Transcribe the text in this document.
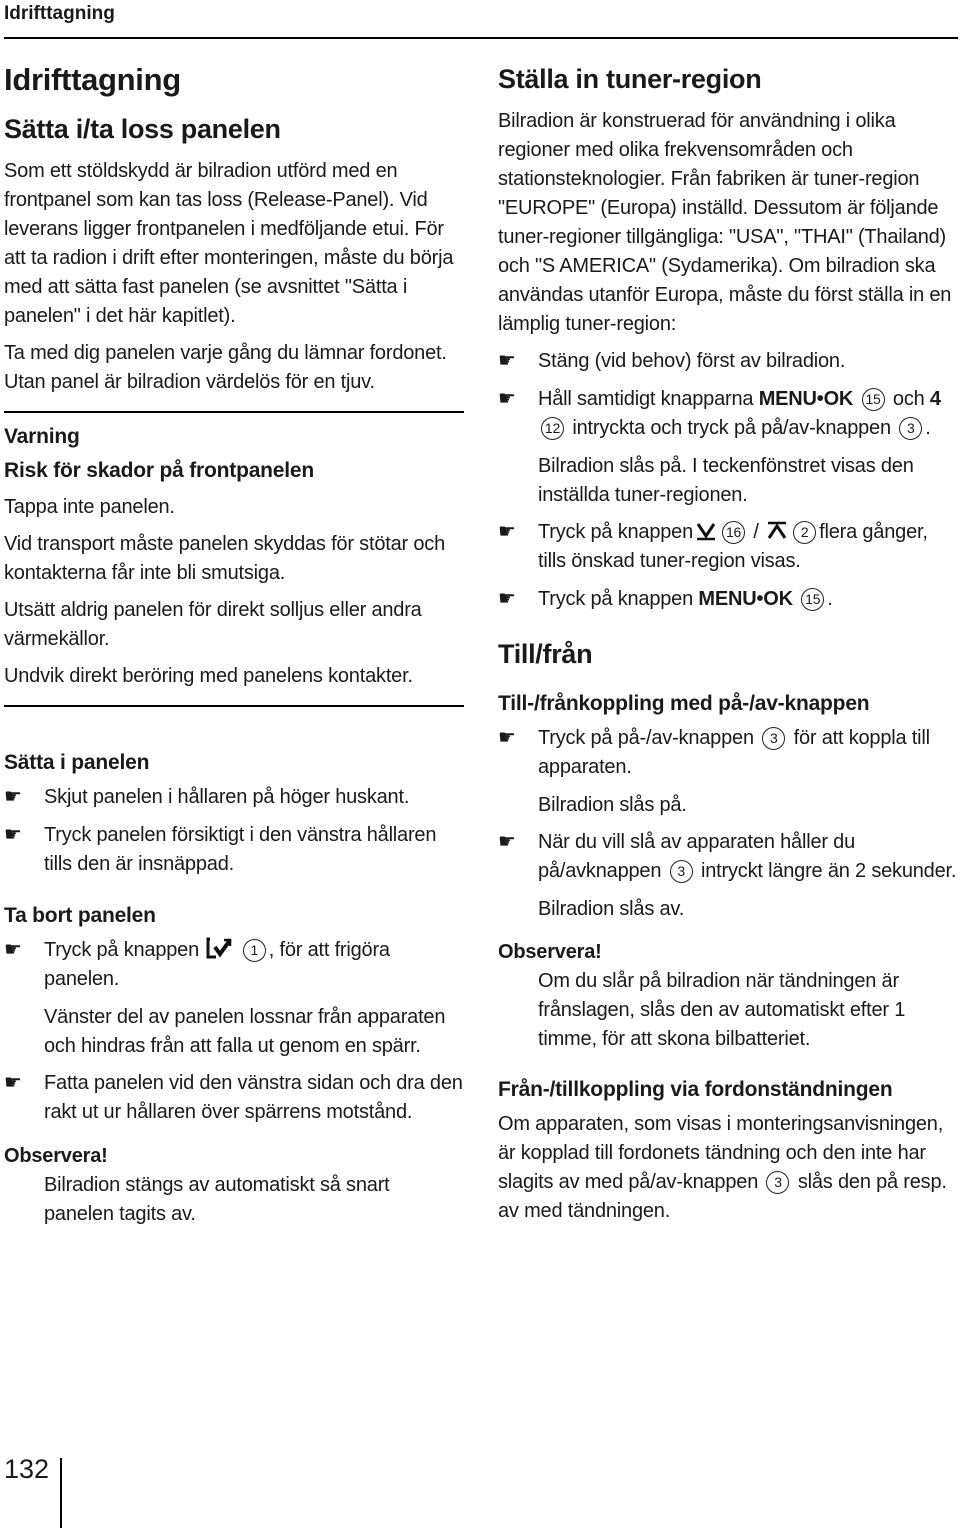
Idrifttagning
Idrifttagning
Sätta i/ta loss panelen

Som ett stöldskydd är bilradion utförd med en frontpanel som kan tas loss (Release-Panel). Vid leverans ligger frontpanelen i medföljande etui. För att ta radion i drift efter monteringen, måste du börja med att sätta fast panelen (se avsnittet "Sätta i panelen" i det här kapitlet).

Ta med dig panelen varje gång du lämnar fordonet. Utan panel är bilradion värdelös för en tjuv.

Varning
Risk för skador på frontpanelen

Tappa inte panelen.

Vid transport måste panelen skyddas för stötar och kontakterna får inte bli smutsiga.

Utsätt aldrig panelen för direkt solljus eller andra värmekällor.

Undvik direkt beröring med panelens kontakter.

Sätta i panelen
☛	Skjut panelen i hållaren på höger huskant.
☛	Tryck panelen försiktigt i den vänstra hållaren tills den är insnäppad.
Ta bort panelen
☛	Tryck på knappen	1 , för att frigöra panelen.

Vänster del av panelen lossnar från apparaten och hindras från att falla ut genom en spärr.

☛	Fatta panelen vid den vänstra sidan och dra den rakt ut ur hållaren över spärrens motstånd.

Observera!

Bilradion stängs av automatiskt så snart panelen tagits av.

Ställa in tuner-region

Bilradion är konstruerad för användning i olika regioner med olika frekvensområden och stationsteknologier. Från fabriken är tuner-region "EUROPE" (Europa) inställd. Dessutom är följande tuner-regioner tillgängliga: "USA", "THAI" (Thailand) och "S AMERICA" (Sydamerika). Om bilradion ska användas utanför Europa, måste du först ställa in en lämplig tuner-region:

☛	Stäng (vid behov) först av bilradion.
☛	Håll samtidigt knapparna MENU•OK 15 och 4 12 intryckta och tryck på på/av-knappen 3 .

Bilradion slås på. I teckenfönstret visas den inställda tuner-regionen.

☛	Tryck på knappen 16 /	2 flera gånger, tills önskad tuner-region visas.
☛	Tryck på knappen MENU•OK 15 .
Till/från
Till-/frånkoppling med på-/av-knappen
☛	Tryck på på-/av-knappen 3 för att koppla till apparaten.

Bilradion slås på.

☛	När du vill slå av apparaten håller du på/avknappen 3 intryckt längre än 2 sekunder.

Bilradion slås av.

Observera!

Om du slår på bilradion när tändningen är frånslagen, slås den av automatiskt efter 1 timme, för att skona bilbatteriet.

Från-/tillkoppling via fordonständningen

Om apparaten, som visas i monteringsanvisningen, är kopplad till fordonets tändning och den inte har slagits av med på/av-knappen 3 slås den på resp. av med tändningen.

132
